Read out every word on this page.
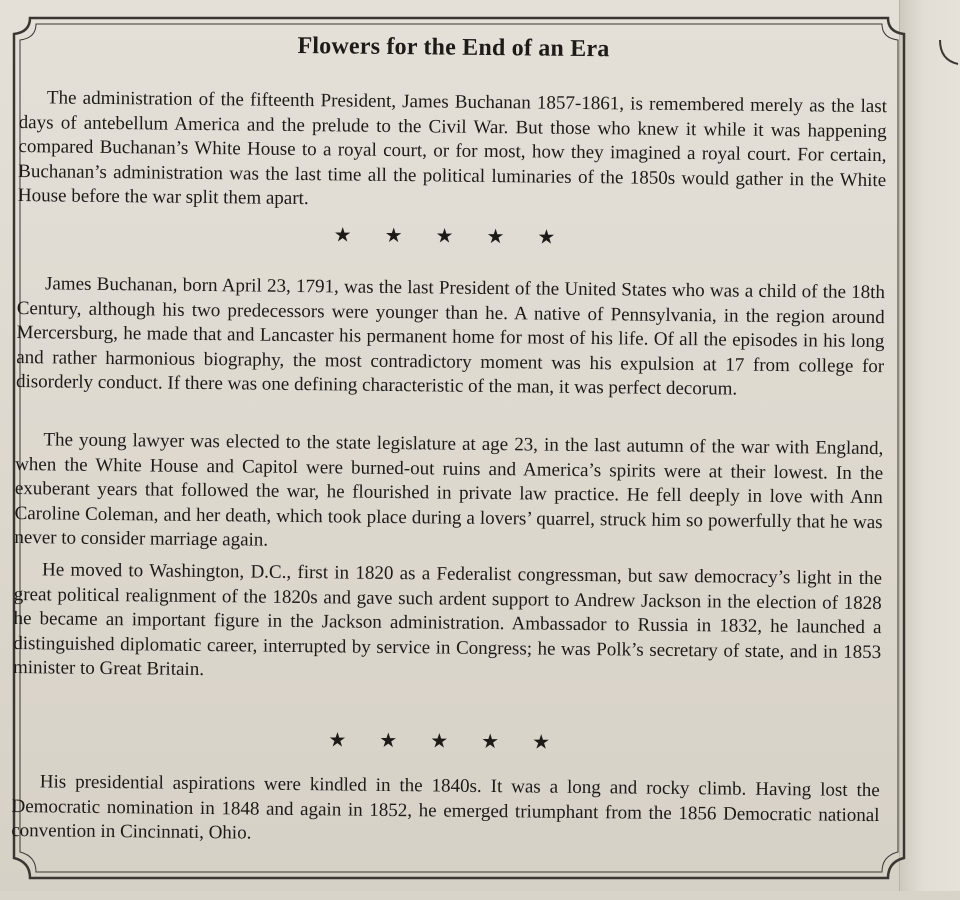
Flowers for the End of an Era

The administration of the fifteenth President, James Buchanan 1857-1861, is remembered merely as the last days of antebellum America and the prelude to the Civil War. But those who knew it while it was happening compared Buchanan’s White House to a royal court, or for most, how they imagined a royal court. For certain, Buchanan’s administration was the last time all the political luminaries of the 1850s would gather in the White House before the war split them apart.

★ ★ ★ ★ ★

James Buchanan, born April 23, 1791, was the last President of the United States who was a child of the 18th Century, although his two predecessors were younger than he. A native of Pennsylvania, in the region around Mercersburg, he made that and Lancaster his permanent home for most of his life. Of all the episodes in his long and rather harmonious biography, the most contradictory moment was his expulsion at 17 from college for disorderly conduct. If there was one defining characteristic of the man, it was perfect decorum.

The young lawyer was elected to the state legislature at age 23, in the last autumn of the war with England, when the White House and Capitol were burned-out ruins and America’s spirits were at their lowest. In the exuberant years that followed the war, he flourished in private law practice. He fell deeply in love with Ann Caroline Coleman, and her death, which took place during a lovers’ quarrel, struck him so powerfully that he was never to consider marriage again.

He moved to Washington, D.C., first in 1820 as a Federalist congressman, but saw democracy’s light in the great political realignment of the 1820s and gave such ardent support to Andrew Jackson in the election of 1828 he became an important figure in the Jackson administration. Ambassador to Russia in 1832, he launched a distinguished diplomatic career, interrupted by service in Congress; he was Polk’s secretary of state, and in 1853 minister to Great Britain.

★ ★ ★ ★ ★

His presidential aspirations were kindled in the 1840s. It was a long and rocky climb. Having lost the Democratic nomination in 1848 and again in 1852, he emerged triumphant from the 1856 Democratic national convention in Cincinnati, Ohio.
